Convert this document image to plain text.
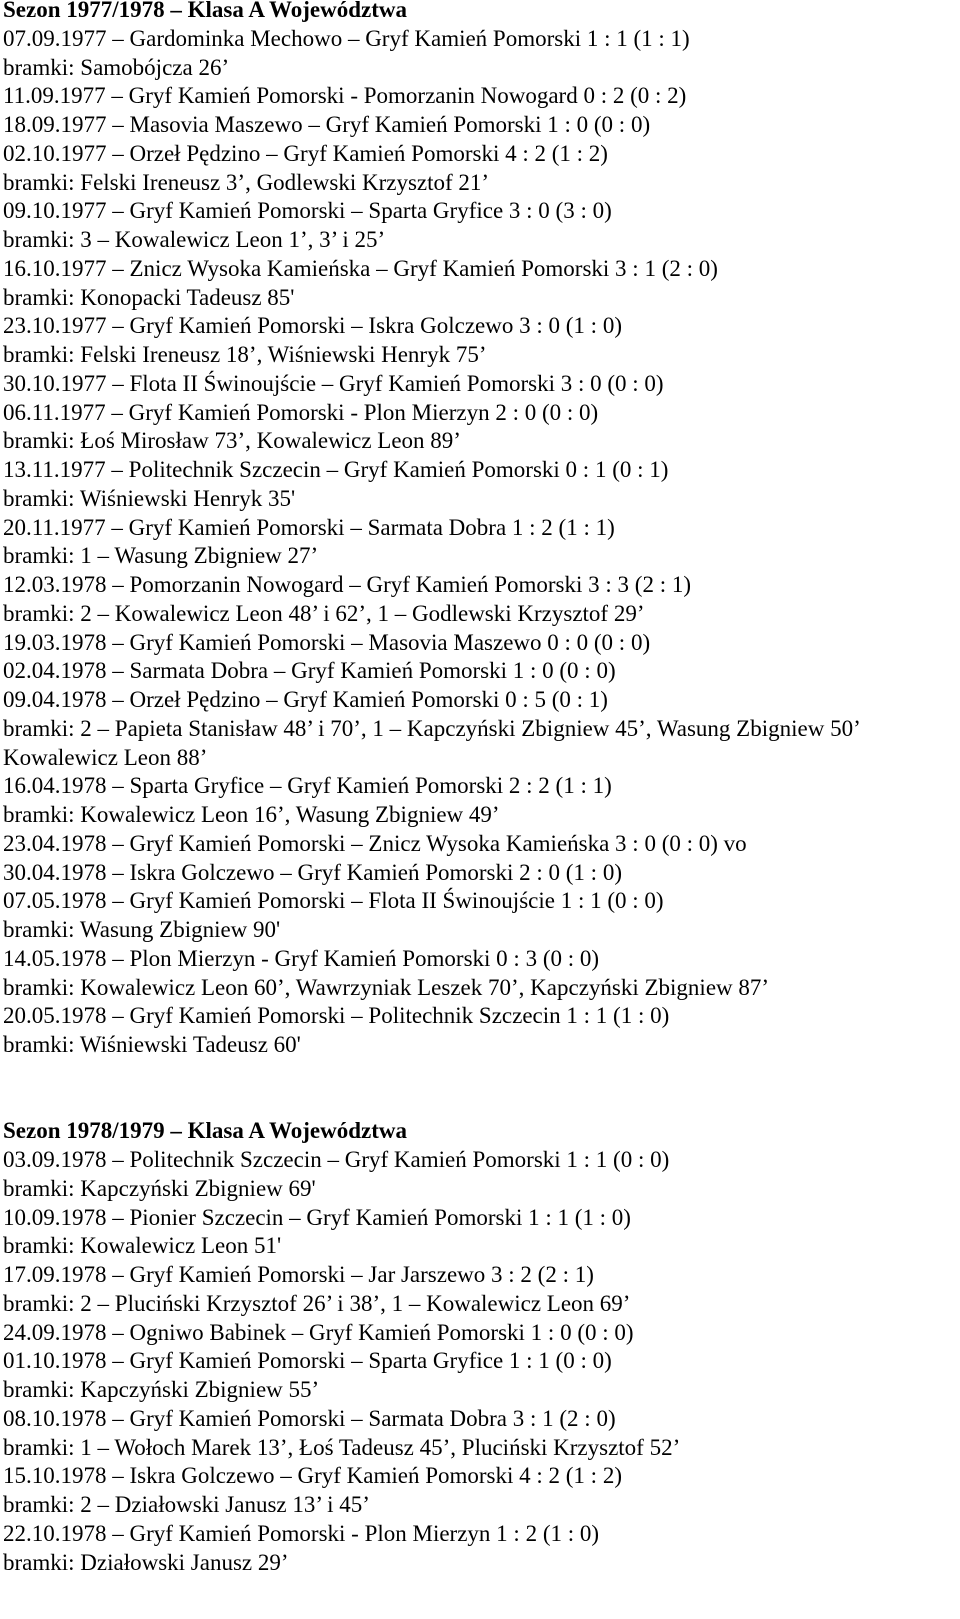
Sezon 1977/1978 – Klasa A Województwa
07.09.1977 – Gardominka Mechowo – Gryf Kamień Pomorski 1 : 1 (1 : 1)
bramki: Samobójcza 26’
11.09.1977 – Gryf Kamień Pomorski - Pomorzanin Nowogard 0 : 2 (0 : 2)
18.09.1977 – Masovia Maszewo – Gryf Kamień Pomorski 1 : 0 (0 : 0)
02.10.1977 – Orzeł Pędzino – Gryf Kamień Pomorski 4 : 2 (1 : 2)
bramki: Felski Ireneusz 3’, Godlewski Krzysztof 21’
09.10.1977 – Gryf Kamień Pomorski – Sparta Gryfice 3 : 0 (3 : 0)
bramki: 3 – Kowalewicz Leon 1’, 3’ i 25’
16.10.1977 – Znicz Wysoka Kamieńska – Gryf Kamień Pomorski 3 : 1 (2 : 0)
bramki: Konopacki Tadeusz 85'
23.10.1977 – Gryf Kamień Pomorski – Iskra Golczewo 3 : 0 (1 : 0)
bramki: Felski Ireneusz 18’, Wiśniewski Henryk 75’
30.10.1977 – Flota II Świnoujście – Gryf Kamień Pomorski 3 : 0 (0 : 0)
06.11.1977 – Gryf Kamień Pomorski - Plon Mierzyn 2 : 0 (0 : 0)
bramki: Łoś Mirosław 73’, Kowalewicz Leon 89’
13.11.1977 – Politechnik Szczecin – Gryf Kamień Pomorski 0 : 1 (0 : 1)
bramki: Wiśniewski Henryk 35'
20.11.1977 – Gryf Kamień Pomorski – Sarmata Dobra 1 : 2 (1 : 1)
bramki: 1 – Wasung Zbigniew 27’
12.03.1978 – Pomorzanin Nowogard – Gryf Kamień Pomorski 3 : 3 (2 : 1)
bramki: 2 – Kowalewicz Leon 48’ i 62’, 1 – Godlewski Krzysztof 29’
19.03.1978 – Gryf Kamień Pomorski – Masovia Maszewo 0 : 0 (0 : 0)
02.04.1978 – Sarmata Dobra – Gryf Kamień Pomorski 1 : 0 (0 : 0)
09.04.1978 – Orzeł Pędzino – Gryf Kamień Pomorski 0 : 5 (0 : 1)
bramki: 2 – Papieta Stanisław 48’ i 70’, 1 – Kapczyński Zbigniew 45’, Wasung Zbigniew 50’ Kowalewicz Leon 88’
16.04.1978 – Sparta Gryfice – Gryf Kamień Pomorski 2 : 2 (1 : 1)
bramki: Kowalewicz Leon 16’, Wasung Zbigniew 49’
23.04.1978 – Gryf Kamień Pomorski – Znicz Wysoka Kamieńska 3 : 0 (0 : 0) vo
30.04.1978 – Iskra Golczewo – Gryf Kamień Pomorski 2 : 0 (1 : 0)
07.05.1978 – Gryf Kamień Pomorski – Flota II Świnoujście 1 : 1 (0 : 0)
bramki: Wasung Zbigniew 90'
14.05.1978 – Plon Mierzyn - Gryf Kamień Pomorski 0 : 3 (0 : 0)
bramki: Kowalewicz Leon 60’, Wawrzyniak Leszek 70’, Kapczyński Zbigniew 87’
20.05.1978 – Gryf Kamień Pomorski – Politechnik Szczecin 1 : 1 (1 : 0)
bramki: Wiśniewski Tadeusz 60'
Sezon 1978/1979 – Klasa A Województwa
03.09.1978 – Politechnik Szczecin – Gryf Kamień Pomorski 1 : 1 (0 : 0)
bramki: Kapczyński Zbigniew 69'
10.09.1978 – Pionier Szczecin – Gryf Kamień Pomorski 1 : 1 (1 : 0)
bramki: Kowalewicz Leon 51'
17.09.1978 – Gryf Kamień Pomorski – Jar Jarszewo 3 : 2 (2 : 1)
bramki: 2 – Pluciński Krzysztof 26’ i 38’, 1 – Kowalewicz Leon 69’
24.09.1978 – Ogniwo Babinek – Gryf Kamień Pomorski 1 : 0 (0 : 0)
01.10.1978 – Gryf Kamień Pomorski – Sparta Gryfice 1 : 1 (0 : 0)
bramki: Kapczyński Zbigniew 55’
08.10.1978 – Gryf Kamień Pomorski – Sarmata Dobra 3 : 1 (2 : 0)
bramki: 1 – Wołoch Marek 13’, Łoś Tadeusz 45’, Pluciński Krzysztof 52’
15.10.1978 – Iskra Golczewo – Gryf Kamień Pomorski 4 : 2 (1 : 2)
bramki: 2 – Działowski Janusz 13’ i 45’
22.10.1978 – Gryf Kamień Pomorski - Plon Mierzyn 1 : 2 (1 : 0)
bramki: Działowski Janusz 29’
